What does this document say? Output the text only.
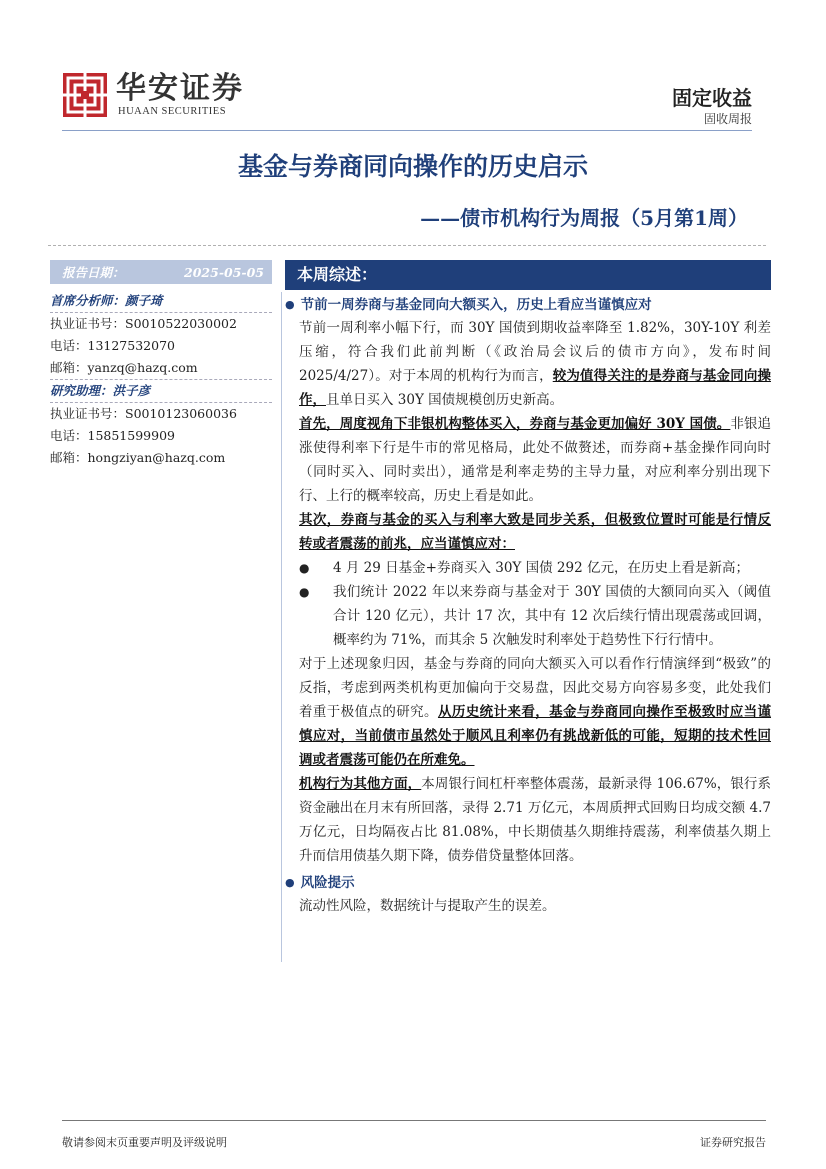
华安证券
HUAAN SECURITIES
固定收益
固收周报
基金与券商同向操作的历史启示
——债市机构行为周报（5月第1周）
报告日期：	2025-05-05
首席分析师：颜子琦
执业证书号：S0010522030002
电话：13127532070
邮箱：yanzq@hazq.com
研究助理：洪子彦
执业证书号：S0010123060036
电话：15851599909
邮箱：hongziyan@hazq.com
本周综述：
● 节前一周券商与基金同向大额买入，历史上看应当谨慎应对
节前一周利率小幅下行，而 30Y 国债到期收益率降至 1.82%，30Y-10Y 利差压缩，符合我们此前判断（《政治局会议后的债市方向》，发布时间 2025/4/27）。对于本周的机构行为而言，较为值得关注的是券商与基金同向操作，且单日买入 30Y 国债规模创历史新高。
首先，周度视角下非银机构整体买入，券商与基金更加偏好 30Y 国债。非银追涨使得利率下行是牛市的常见格局，此处不做赘述，而券商+基金操作同向时（同时买入、同时卖出），通常是利率走势的主导力量，对应利率分别出现下行、上行的概率较高，历史上看是如此。
其次，券商与基金的买入与利率大致是同步关系，但极致位置时可能是行情反转或者震荡的前兆，应当谨慎应对：
●	4 月 29 日基金+券商买入 30Y 国债 292 亿元，在历史上看是新高；
●	我们统计 2022 年以来券商与基金对于 30Y 国债的大额同向买入（阈值合计 120 亿元），共计 17 次，其中有 12 次后续行情出现震荡或回调，概率约为 71%，而其余 5 次触发时利率处于趋势性下行行情中。
对于上述现象归因，基金与券商的同向大额买入可以看作行情演绎到“极致”的反指，考虑到两类机构更加偏向于交易盘，因此交易方向容易多变，此处我们着重于极值点的研究。从历史统计来看，基金与券商同向操作至极致时应当谨慎应对，当前债市虽然处于顺风且利率仍有挑战新低的可能，短期的技术性回调或者震荡可能仍在所难免。
机构行为其他方面，本周银行间杠杆率整体震荡，最新录得 106.67%，银行系资金融出在月末有所回落，录得 2.71 万亿元，本周质押式回购日均成交额 4.7 万亿元，日均隔夜占比 81.08%，中长期债基久期维持震荡，利率债基久期上升而信用债基久期下降，债券借贷量整体回落。
● 风险提示
流动性风险，数据统计与提取产生的误差。
敬请参阅末页重要声明及评级说明	证券研究报告
